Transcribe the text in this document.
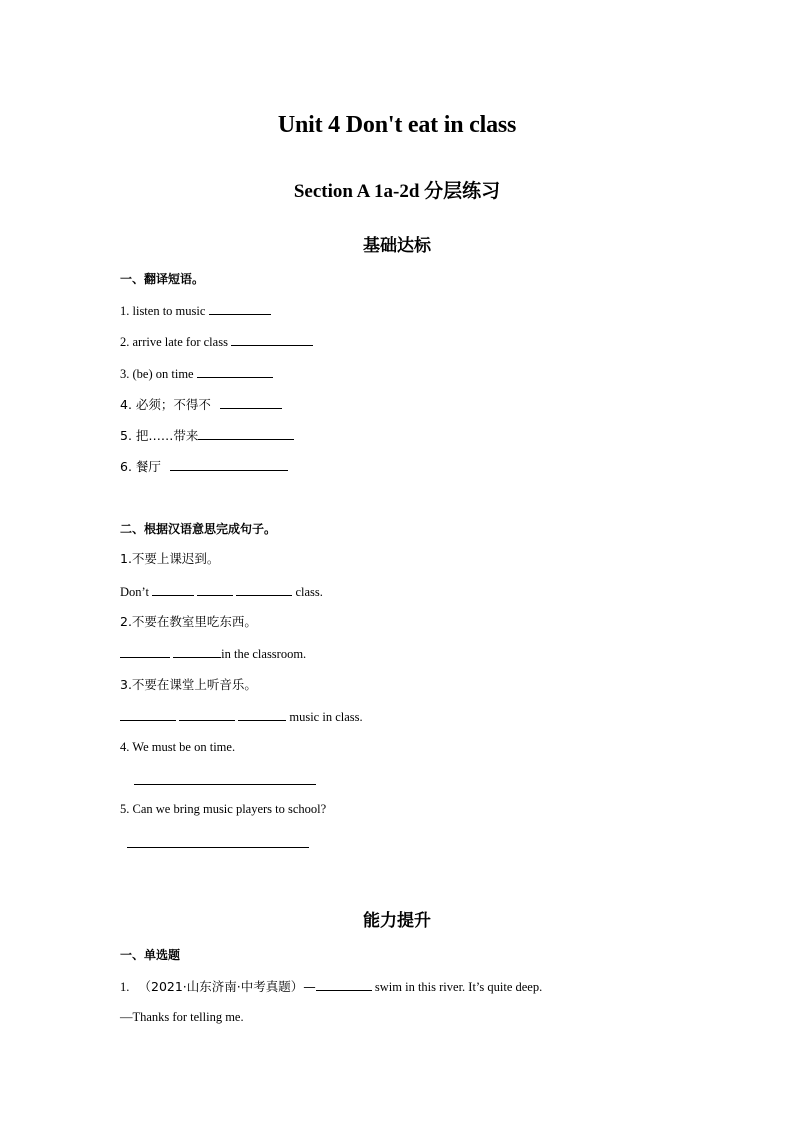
Unit 4 Don't eat in class
Section A 1a-2d 分层练习
基础达标
一、翻译短语。
1. listen to music
2. arrive late for class
3. (be) on time
4. 必须；不得不
5. 把……带来
6. 餐厅
二、根据汉语意思完成句子。
1.不要上课迟到。
Don’t	class.
2.不要在教室里吃东西。
in the classroom.
3.不要在课堂上听音乐。
music in class.
4. We must be on time.
5. Can we bring music players to school?
能力提升
一、单选题
1. （2021·山东济南·中考真题）—	swim in this river. It’s quite deep.
—Thanks for telling me.
